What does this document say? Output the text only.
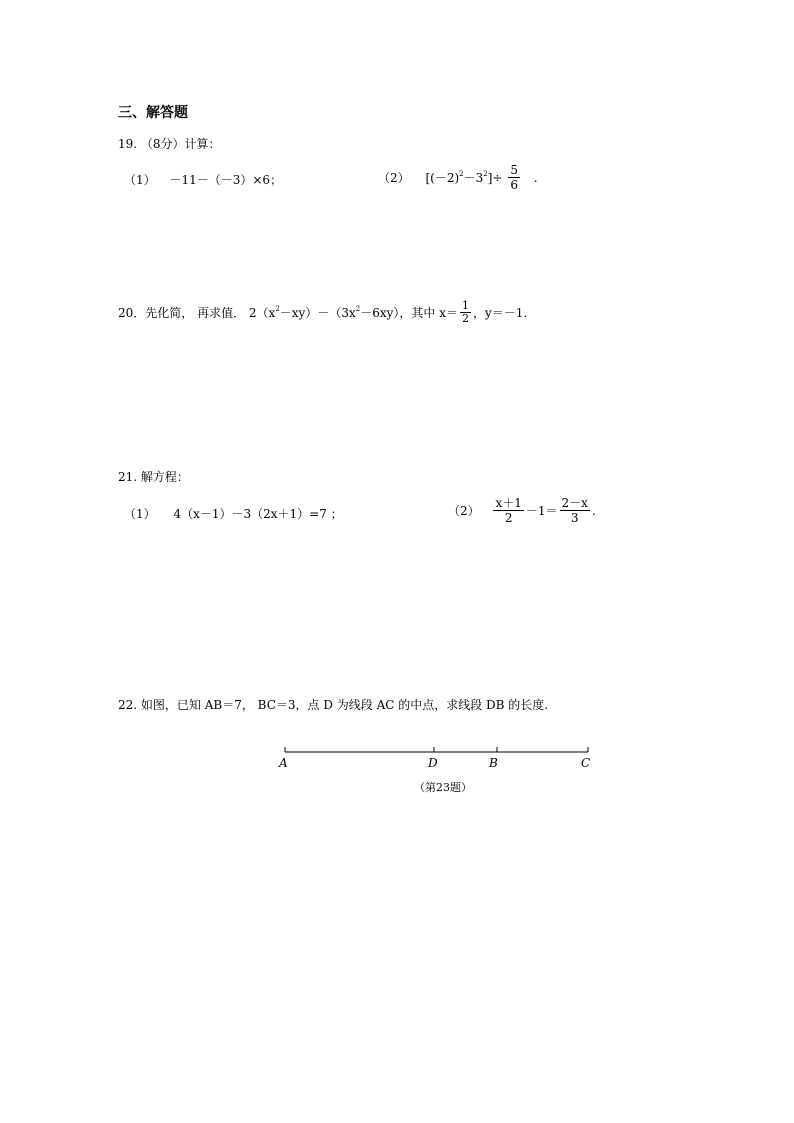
三、解答题
19. （8分）计算：
（1） －11－（－3）×6；	（2） $[(-2)^2-3^2]\div \frac{5}{6}$ .
20．先化简， 再求值． $2(x^2-xy)-(3x^2-6xy)$，其中 $x= \frac{1}{2}$ ，y＝－1.
21. 解方程：
（1） 4（x－1）－3（2x＋1）=7 ；	$(2) \frac{x+1}{2} -1= \frac{2-x}{3}$ .
22. 如图，已知 AB＝7， BC＝3，点 D 为线段 AC 的中点，求线段 DB 的长度.
A	D	B	C
（第23题）
